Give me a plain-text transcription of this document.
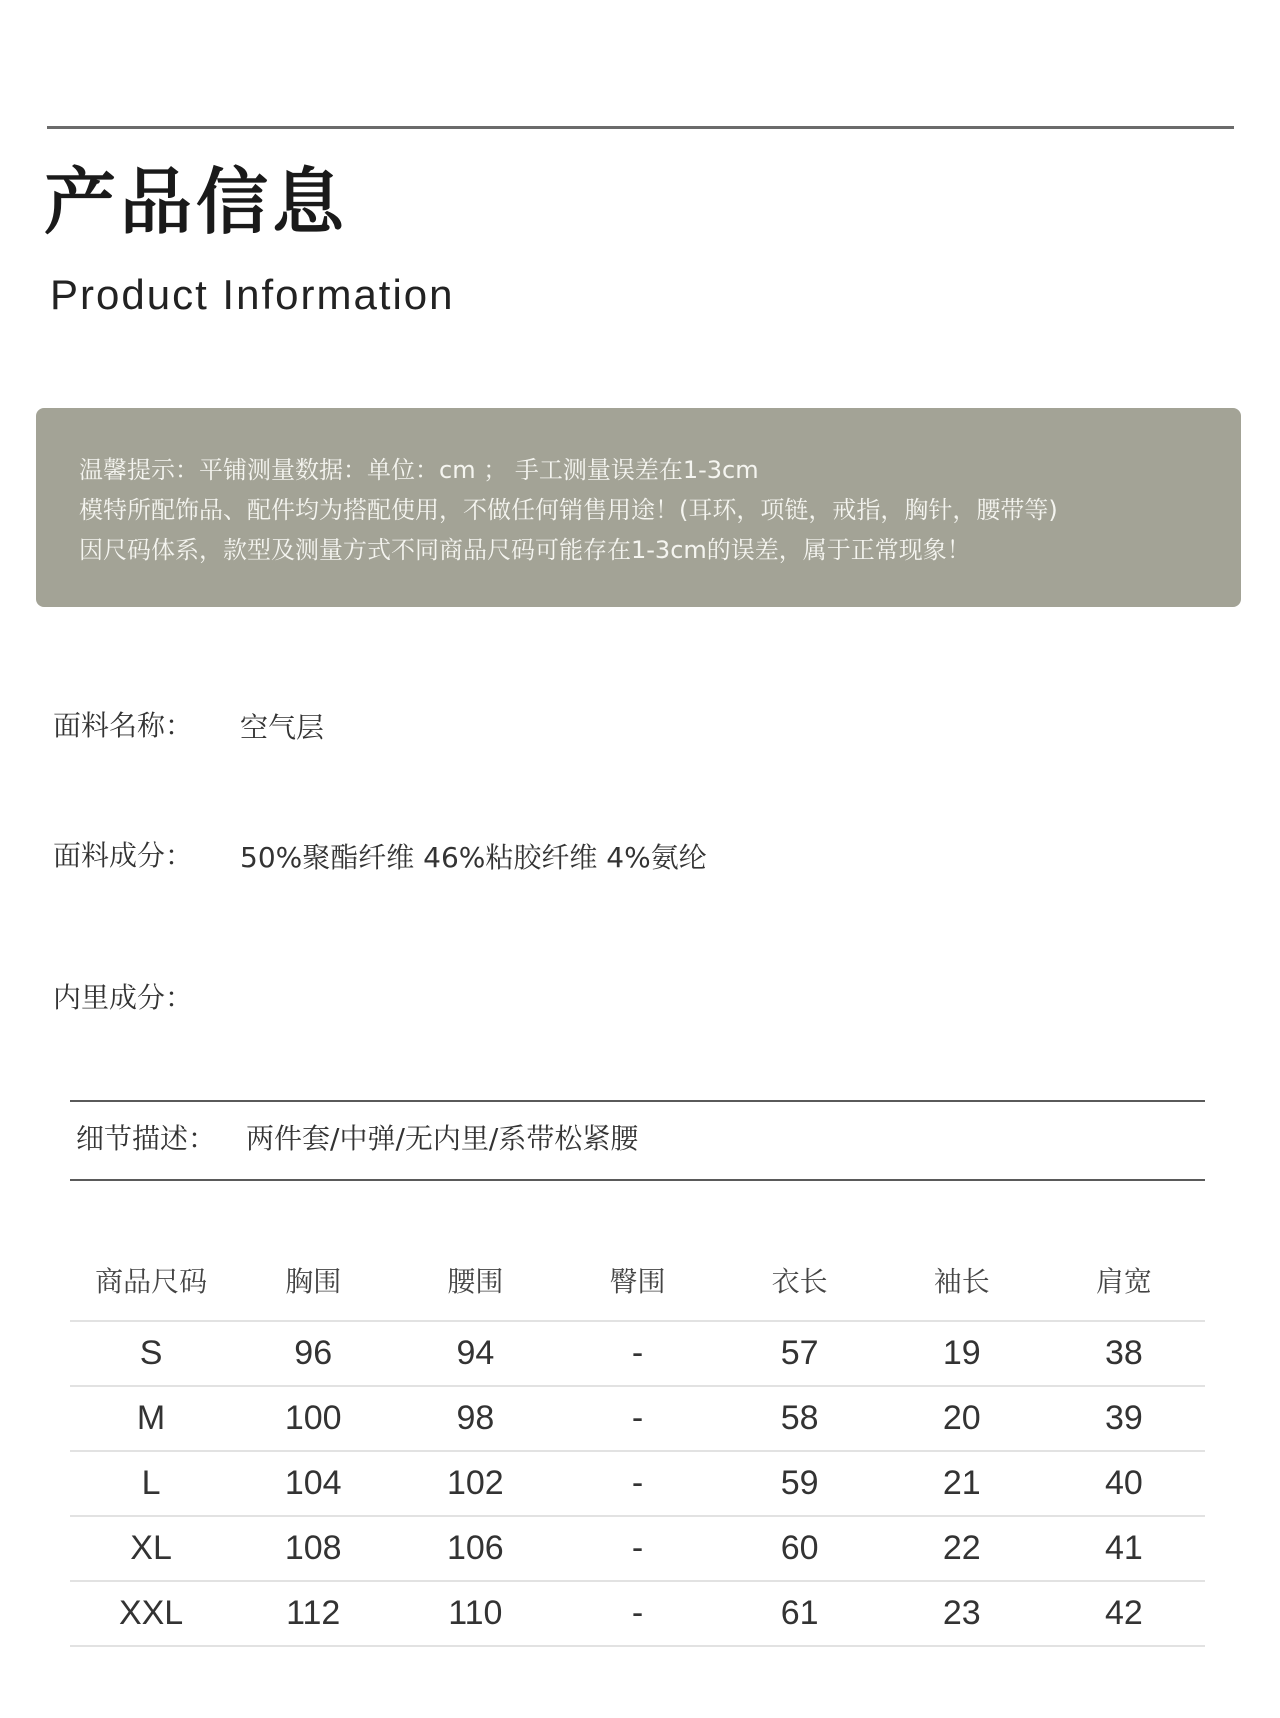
产品信息
Product Information
温馨提示：平铺测量数据：单位：cm ； 手工测量误差在1-3cm
模特所配饰品、配件均为搭配使用，不做任何销售用途！(耳环，项链，戒指，胸针，腰带等)
因尺码体系，款型及测量方式不同商品尺码可能存在1-3cm的误差，属于正常现象！
面料名称： 空气层
面料成分： 50%聚酯纤维 46%粘胶纤维 4%氨纶
内里成分：
细节描述： 两件套/中弹/无内里/系带松紧腰
商品尺码	胸围	腰围	臀围	衣长	袖长	肩宽
S	96	94	-	57	19	38
M	100	98	-	58	20	39
L	104	102	-	59	21	40
XL	108	106	-	60	22	41
XXL	112	110	-	61	23	42
